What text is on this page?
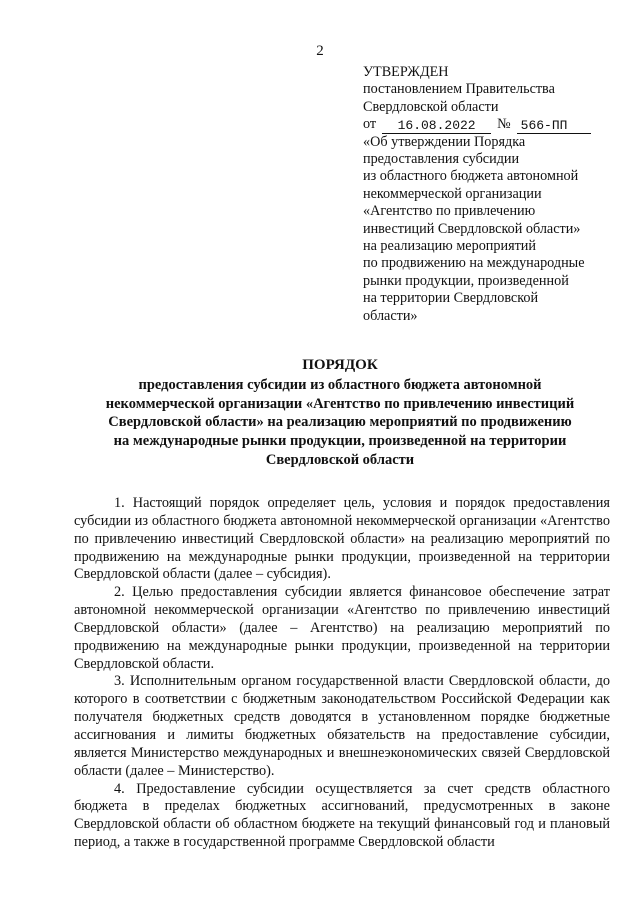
2
УТВЕРЖДЕН
постановлением Правительства
Свердловской области
от	16.08.2022	№ 566-ПП
«Об утверждении Порядка
предоставления субсидии
из областного бюджета автономной
некоммерческой организации
«Агентство по привлечению
инвестиций Свердловской области»
на реализацию мероприятий
по продвижению на международные
рынки продукции, произведенной
на территории Свердловской
области»
ПОРЯДОК
предоставления субсидии из областного бюджета автономной
некоммерческой организации «Агентство по привлечению инвестиций
Свердловской области» на реализацию мероприятий по продвижению
на международные рынки продукции, произведенной на территории
Свердловской области

1. Настоящий порядок определяет цель, условия и порядок предоставления субсидии из областного бюджета автономной некоммерческой организации «Агентство по привлечению инвестиций Свердловской области» на реализацию мероприятий по продвижению на международные рынки продукции, произведенной на территории Свердловской области (далее – субсидия).

2. Целью предоставления субсидии является финансовое обеспечение затрат автономной некоммерческой организации «Агентство по привлечению инвестиций Свердловской области» (далее – Агентство) на реализацию мероприятий по продвижению на международные рынки продукции, произведенной на территории Свердловской области.

3. Исполнительным органом государственной власти Свердловской области, до которого в соответствии с бюджетным законодательством Российской Федерации как получателя бюджетных средств доводятся в установленном порядке бюджетные ассигнования и лимиты бюджетных обязательств на предоставление субсидии, является Министерство международных и внешнеэкономических связей Свердловской области (далее – Министерство).

4. Предоставление субсидии осуществляется за счет средств областного бюджета в пределах бюджетных ассигнований, предусмотренных в законе Свердловской области об областном бюджете на текущий финансовый год и плановый период, а также в государственной программе Свердловской области
